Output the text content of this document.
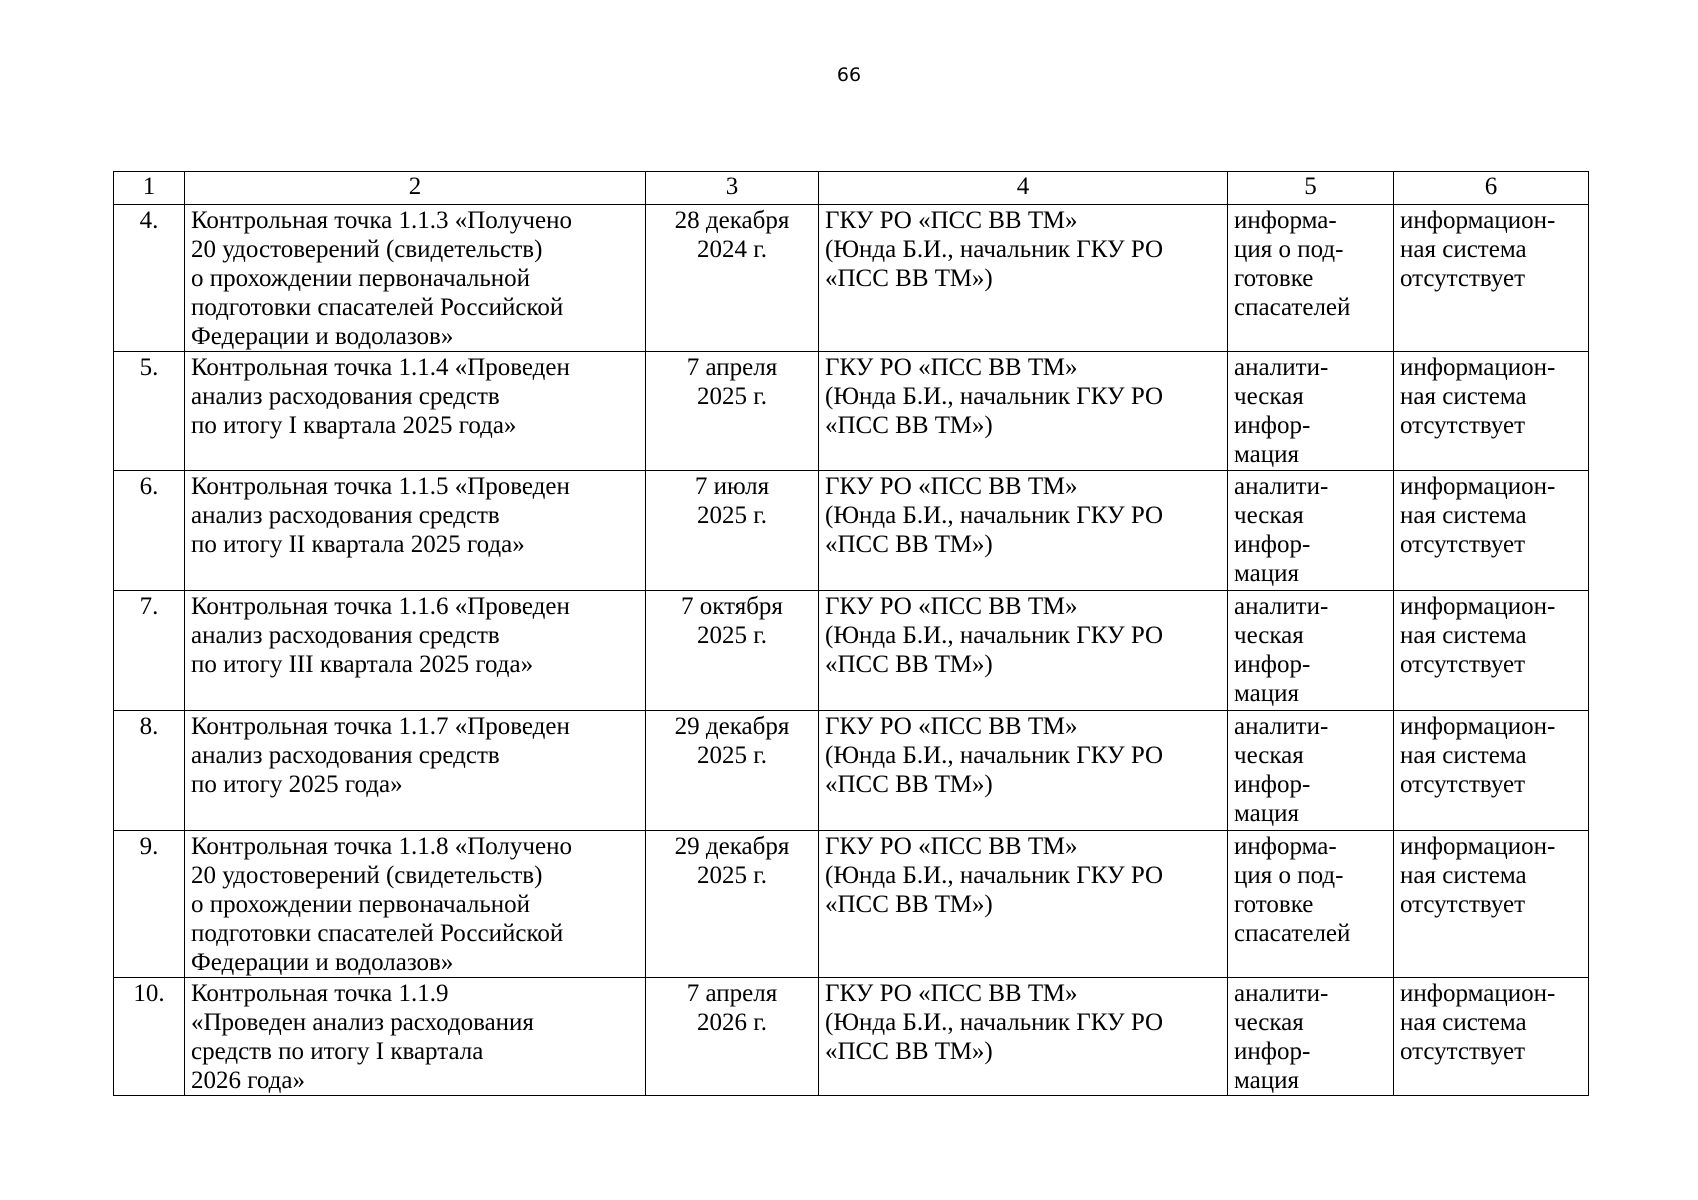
66
1	2	3	4	5	6
4.	Контрольная точка 1.1.3 «Получено
20 удостоверений (свидетельств)
о прохождении первоначальной
подготовки спасателей Российской
Федерации и водолазов»	28 декабря
2024 г.	ГКУ РО «ПСС ВВ ТМ»
(Юнда Б.И., начальник ГКУ РО
«ПСС ВВ ТМ»)	информа-
ция о под-
готовке
спасателей	информацион-
ная система
отсутствует
5.	Контрольная точка 1.1.4 «Проведен
анализ расходования средств
по итогу I квартала 2025 года»	7 апреля
2025 г.	ГКУ РО «ПСС ВВ ТМ»
(Юнда Б.И., начальник ГКУ РО
«ПСС ВВ ТМ»)	аналити-
ческая
инфор-
мация	информацион-
ная система
отсутствует
6.	Контрольная точка 1.1.5 «Проведен
анализ расходования средств
по итогу II квартала 2025 года»	7 июля
2025 г.	ГКУ РО «ПСС ВВ ТМ»
(Юнда Б.И., начальник ГКУ РО
«ПСС ВВ ТМ»)	аналити-
ческая
инфор-
мация	информацион-
ная система
отсутствует
7.	Контрольная точка 1.1.6 «Проведен
анализ расходования средств
по итогу III квартала 2025 года»	7 октября
2025 г.	ГКУ РО «ПСС ВВ ТМ»
(Юнда Б.И., начальник ГКУ РО
«ПСС ВВ ТМ»)	аналити-
ческая
инфор-
мация	информацион-
ная система
отсутствует
8.	Контрольная точка 1.1.7 «Проведен
анализ расходования средств
по итогу 2025 года»	29 декабря
2025 г.	ГКУ РО «ПСС ВВ ТМ»
(Юнда Б.И., начальник ГКУ РО
«ПСС ВВ ТМ»)	аналити-
ческая
инфор-
мация	информацион-
ная система
отсутствует
9.	Контрольная точка 1.1.8 «Получено
20 удостоверений (свидетельств)
о прохождении первоначальной
подготовки спасателей Российской
Федерации и водолазов»	29 декабря
2025 г.	ГКУ РО «ПСС ВВ ТМ»
(Юнда Б.И., начальник ГКУ РО
«ПСС ВВ ТМ»)	информа-
ция о под-
готовке
спасателей	информацион-
ная система
отсутствует
10.	Контрольная точка 1.1.9
«Проведен анализ расходования
средств по итогу I квартала
2026 года»	7 апреля
2026 г.	ГКУ РО «ПСС ВВ ТМ»
(Юнда Б.И., начальник ГКУ РО
«ПСС ВВ ТМ»)	аналити-
ческая
инфор-
мация	информацион-
ная система
отсутствует
